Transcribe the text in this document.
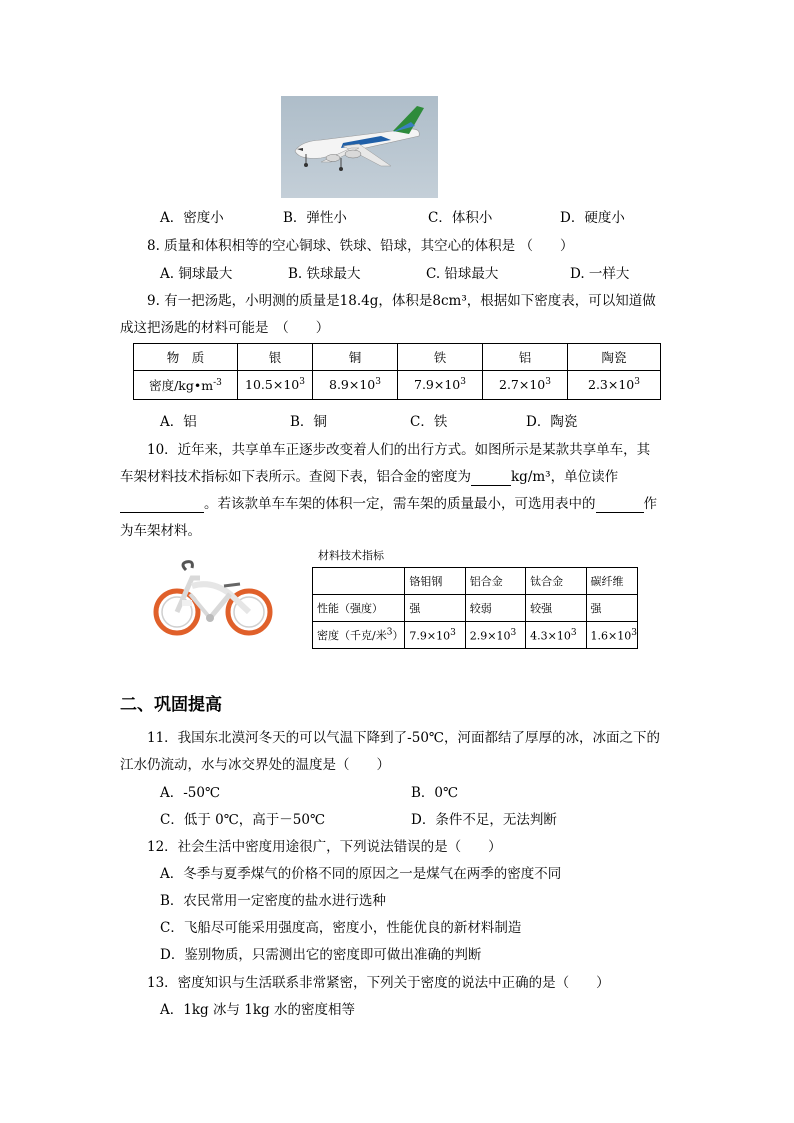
A．密度小	B．弹性小	C．体积小	D．硬度小
8. 质量和体积相等的空心铜球、铁球、铅球，其空心的体积是 （　　）
A. 铜球最大	B. 铁球最大	C. 铅球最大	D. 一样大
9. 有一把汤匙，小明测的质量是18.4g，体积是8cm³，根据如下密度表，可以知道做
成这把汤匙的材料可能是　（　　）
物　质	银	铜	铁	铝	陶瓷
密度$/kg•m^{-3}$	$10.5\times 10^3$	$8.9\times 10^3$	$7.9\times 10^3$	$2.7\times 10^3$	$2.3\times 10^3$
A．铝	B．铜	C．铁	D．陶瓷
10．近年来，共享单车正逐步改变着人们的出行方式。如图所示是某款共享单车，其
车架材料技术指标如下表所示。查阅下表，铝合金的密度为	kg/m³，单位读作
。若该款单车车架的体积一定，需车架的质量最小，可选用表中的	作
为车架材料。
材料技术指标
	铬钼钢	铝合金	钛合金	碳纤维
性能（强度）	强	较弱	较强	强
密度（千克/米$^3$）	$7.9\times 10^3$	$2.9\times 10^3$	$4.3\times 10^3$	$1.6\times 10^3$
二、巩固提高
11．我国东北漠河冬天的可以气温下降到了-50℃，河面都结了厚厚的冰，冰面之下的
江水仍流动，水与冰交界处的温度是（　　）
A．-50℃	B．0℃
C．低于 0℃，高于－50℃	D．条件不足，无法判断
12．社会生活中密度用途很广，下列说法错误的是（　　）
A．冬季与夏季煤气的价格不同的原因之一是煤气在两季的密度不同
B．农民常用一定密度的盐水进行选种
C．飞船尽可能采用强度高，密度小，性能优良的新材料制造
D．鉴别物质，只需测出它的密度即可做出准确的判断
13．密度知识与生活联系非常紧密，下列关于密度的说法中正确的是（　　）
A．1kg 冰与 1kg 水的密度相等
